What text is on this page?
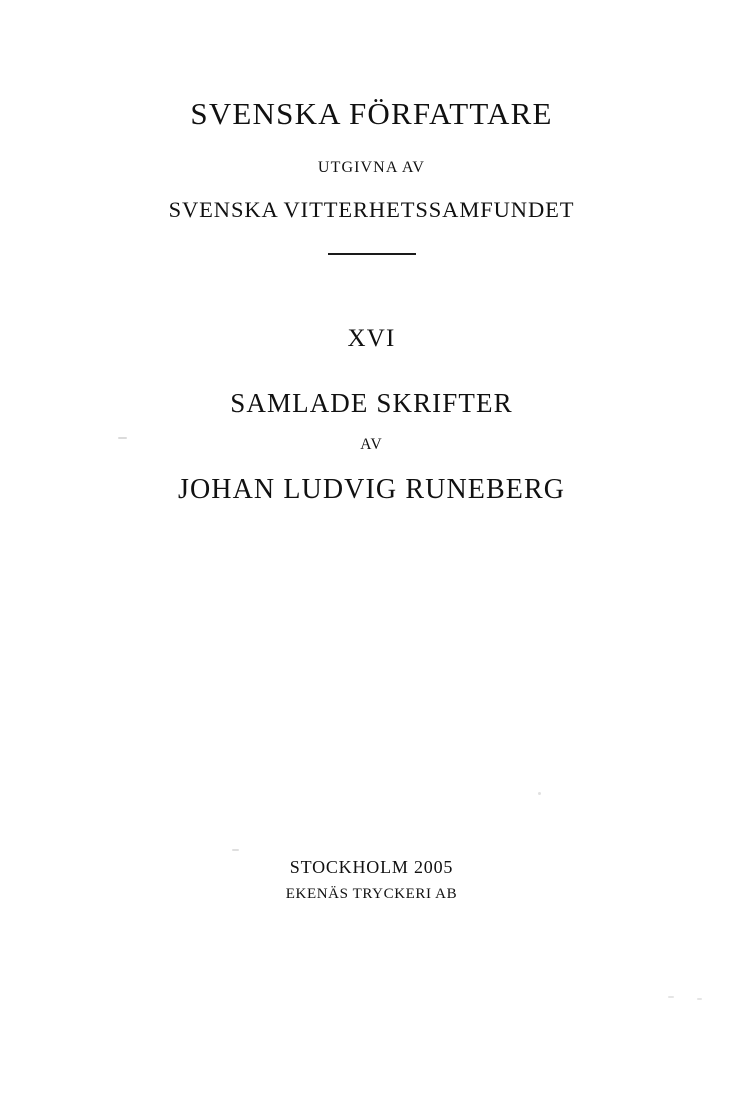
SVENSKA FÖRFATTARE

UTGIVNA AV

SVENSKA VITTERHETSSAMFUNDET

XVI

SAMLADE SKRIFTER

AV

JOHAN LUDVIG RUNEBERG

STOCKHOLM 2005

EKENÄS TRYCKERI AB
